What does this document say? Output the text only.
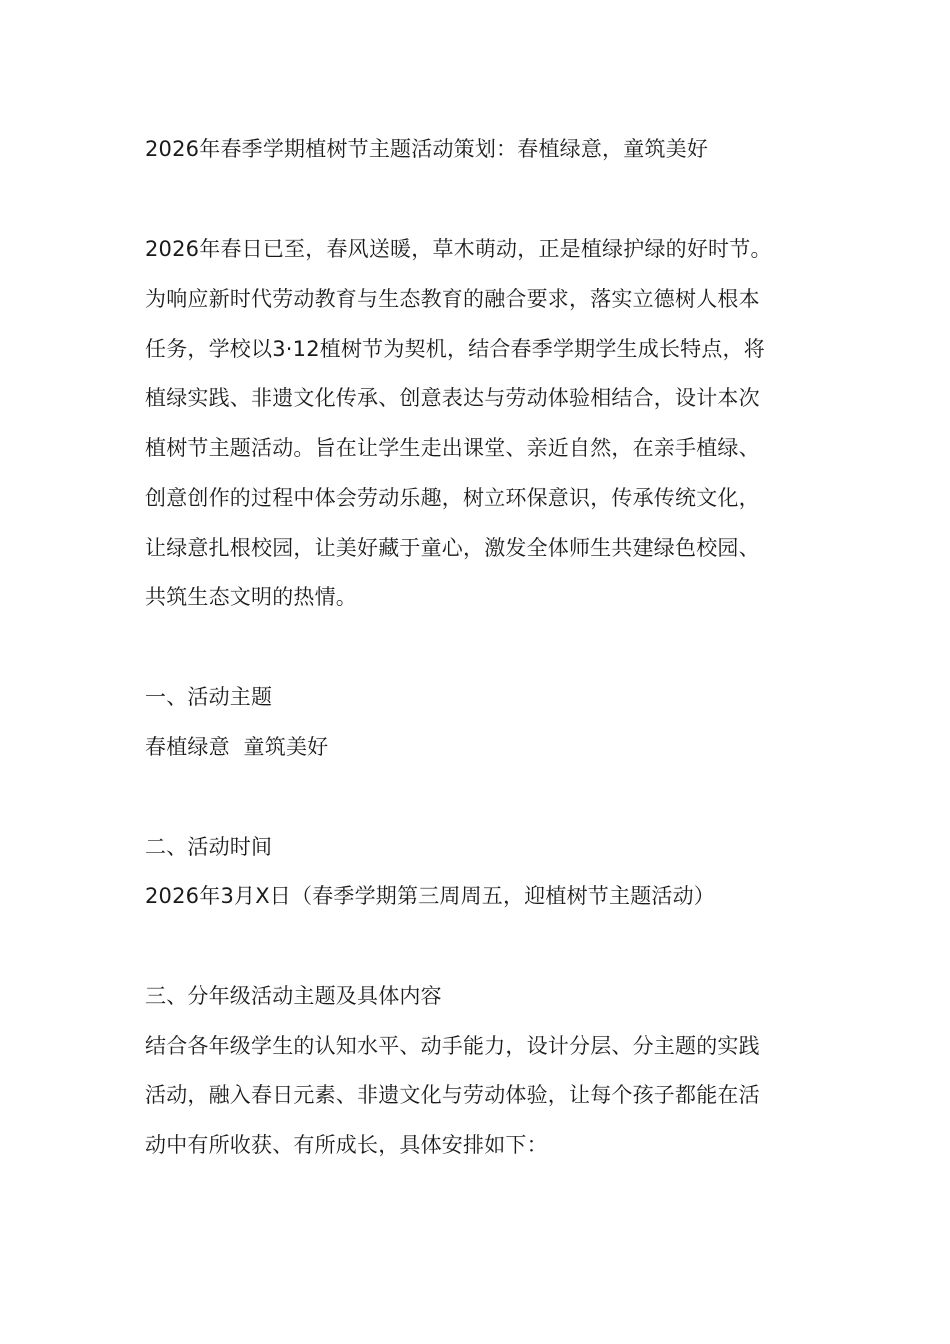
2026年春季学期植树节主题活动策划：春植绿意，童筑美好
2026年春日已至，春风送暖，草木萌动，正是植绿护绿的好时节。
为响应新时代劳动教育与生态教育的融合要求，落实立德树人根本
任务，学校以3·12植树节为契机，结合春季学期学生成长特点，将
植绿实践、非遗文化传承、创意表达与劳动体验相结合，设计本次
植树节主题活动。旨在让学生走出课堂、亲近自然，在亲手植绿、
创意创作的过程中体会劳动乐趣，树立环保意识，传承传统文化，
让绿意扎根校园，让美好藏于童心，激发全体师生共建绿色校园、
共筑生态文明的热情。
一、活动主题
春植绿意  童筑美好
二、活动时间
2026年3月X日（春季学期第三周周五，迎植树节主题活动）
三、分年级活动主题及具体内容
结合各年级学生的认知水平、动手能力，设计分层、分主题的实践
活动，融入春日元素、非遗文化与劳动体验，让每个孩子都能在活
动中有所收获、有所成长，具体安排如下：
